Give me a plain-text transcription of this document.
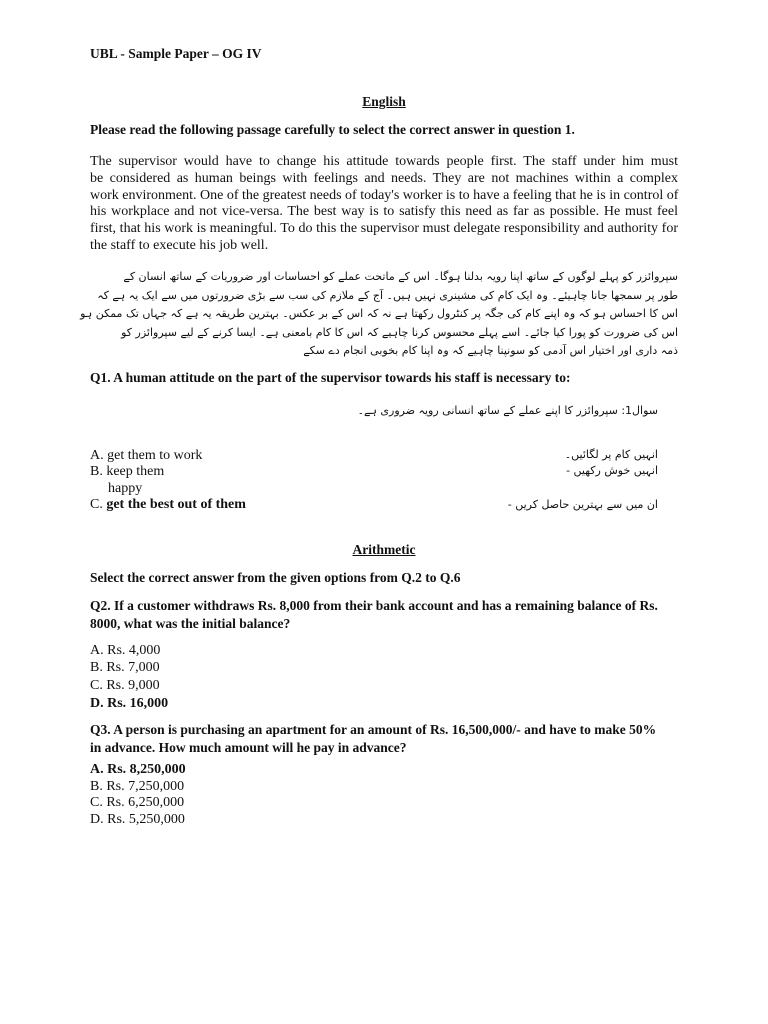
UBL - Sample Paper – OG IV
English
Please read the following passage carefully to select the correct answer in question 1.
The supervisor would have to change his attitude towards people first. The staff under him must
be considered as human beings with feelings and needs. They are not machines within a complex
work environment. One of the greatest needs of today's worker is to have a feeling that he is in control of
his workplace and not vice-versa. The best way is to satisfy this need as far as possible. He must feel
first, that his work is meaningful. To do this the supervisor must delegate responsibility and authority for
the staff to execute his job well.
سپروائزر کو پہلے لوگوں کے ساتھ اپنا رویہ بدلنا ہوگا۔ اس کے ماتحت عملے کو احساسات اور ضروریات کے ساتھ انسان کے
طور پر سمجھا جانا چاہیئے۔ وہ ایک کام کی مشینری نہیں ہیں۔ آج کے ملازم کی سب سے بڑی ضرورتوں میں سے ایک یہ ہے کہ
اس کا احساس ہو کہ وہ اپنے کام کی جگہ پر کنٹرول رکھتا ہے نہ کہ اس کے بر عکس۔ بہترین طریقہ یہ ہے کہ جہاں تک ممکن ہو
اس کی ضرورت کو پورا کیا جائے۔ اسے پہلے محسوس کرنا چاہیے کہ اس کا کام بامعنی ہے۔ ایسا کرنے کے لیے سپروائزر کو
ذمہ داری اور اختیار اس آدمی کو سونپنا چاہیے کہ وہ اپنا کام بخوبی انجام دے سکے
Q1. A human attitude on the part of the supervisor towards his staff is necessary to:
سوال1: سپروائزر کا اپنے عملے کے ساتھ انسانی رویہ ضروری ہے۔
A. get them to work	انہیں کام پر لگائیں۔
B. keep them
happy
انہیں خوش رکھیں -
C. get the best out of them	ان میں سے بہترین حاصل کریں -
Arithmetic
Select the correct answer from the given options from Q.2 to Q.6
Q2. If a customer withdraws Rs. 8,000 from their bank account and has a remaining balance of Rs.
8000, what was the initial balance?
A. Rs. 4,000
B. Rs. 7,000
C. Rs. 9,000
D. Rs. 16,000
Q3. A person is purchasing an apartment for an amount of Rs. 16,500,000/- and have to make 50%
in advance. How much amount will he pay in advance?
A. Rs. 8,250,000
B. Rs. 7,250,000
C. Rs. 6,250,000
D. Rs. 5,250,000
